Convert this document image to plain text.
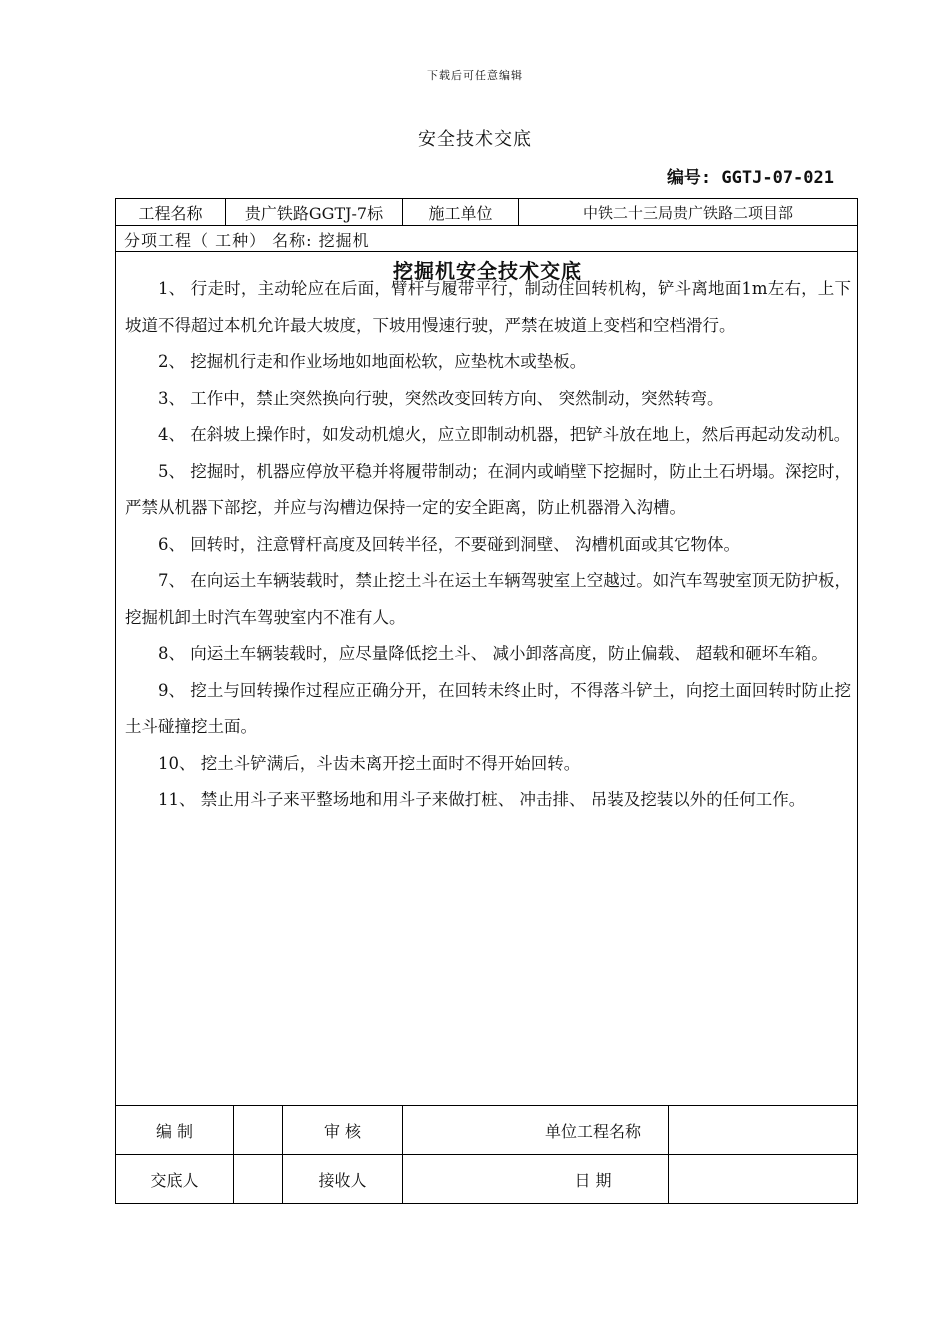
下载后可任意编辑
安全技术交底
编号: GGTJ-07-021
工程名称	贵广铁路GGTJ-7标	施工单位	中铁二十三局贵广铁路二项目部
分项工程（ 工种） 名称: 挖掘机
挖掘机安全技术交底

1、 行走时，主动轮应在后面，臂杆与履带平行，制动住回转机构，铲斗离地面1m左右，上下坡道不得超过本机允许最大坡度，下坡用慢速行驶，严禁在坡道上变档和空档滑行。

2、 挖掘机行走和作业场地如地面松软，应垫枕木或垫板。

3、 工作中，禁止突然换向行驶，突然改变回转方向、 突然制动，突然转弯。

4、 在斜坡上操作时，如发动机熄火，应立即制动机器，把铲斗放在地上，然后再起动发动机。

5、 挖掘时，机器应停放平稳并将履带制动；在洞内或峭壁下挖掘时，防止土石坍塌。深挖时，严禁从机器下部挖，并应与沟槽边保持一定的安全距离，防止机器滑入沟槽。

6、 回转时，注意臂杆高度及回转半径，不要碰到洞壁、 沟槽机面或其它物体。

7、 在向运土车辆装载时，禁止挖土斗在运土车辆驾驶室上空越过。如汽车驾驶室顶无防护板，挖掘机卸土时汽车驾驶室内不准有人。

8、 向运土车辆装载时，应尽量降低挖土斗、 减小卸落高度，防止偏载、 超载和砸坏车箱。

9、 挖土与回转操作过程应正确分开，在回转未终止时，不得落斗铲土，向挖土面回转时防止挖土斗碰撞挖土面。

10、 挖土斗铲满后，斗齿未离开挖土面时不得开始回转。

11、 禁止用斗子来平整场地和用斗子来做打桩、 冲击排、 吊装及挖装以外的任何工作。

编 制	审 核	单位工程名称
交底人	接收人	日 期
